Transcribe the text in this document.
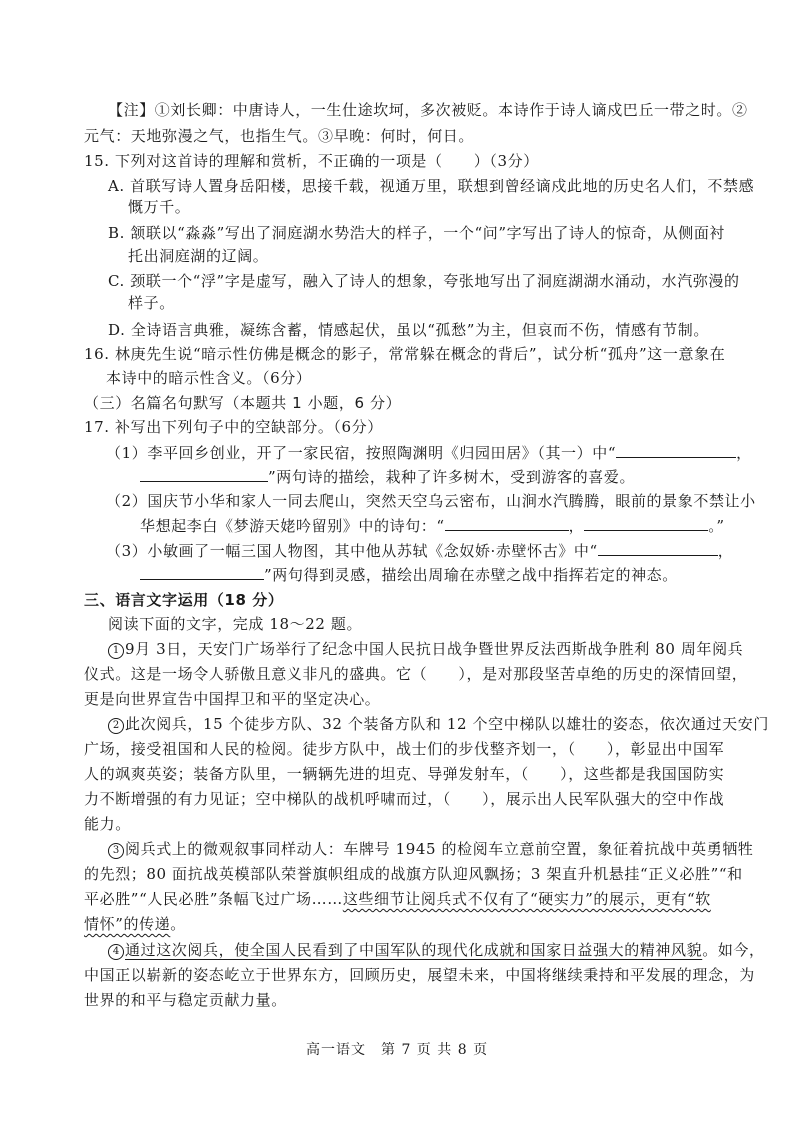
【注】①刘长卿：中唐诗人，一生仕途坎坷，多次被贬。本诗作于诗人谪戍巴丘一带之时。②
元气：天地弥漫之气，也指生气。③早晚：何时，何日。
15. 下列对这首诗的理解和赏析，不正确的一项是（　　）（3分）
A. 首联写诗人置身岳阳楼，思接千载，视通万里，联想到曾经谪戍此地的历史名人们，不禁感
慨万千。
B. 颔联以“淼淼”写出了洞庭湖水势浩大的样子，一个“问”字写出了诗人的惊奇，从侧面衬
托出洞庭湖的辽阔。
C. 颈联一个“浮”字是虚写，融入了诗人的想象，夸张地写出了洞庭湖湖水涌动，水汽弥漫的
样子。
D. 全诗语言典雅，凝练含蓄，情感起伏，虽以“孤愁”为主，但哀而不伤，情感有节制。
16. 林庚先生说“暗示性仿佛是概念的影子，常常躲在概念的背后”，试分析“孤舟”这一意象在
本诗中的暗示性含义。（6分）
（三）名篇名句默写（本题共 1 小题，6 分）
17. 补写出下列句子中的空缺部分。（6分）
（1）李平回乡创业，开了一家民宿，按照陶渊明《归园田居》（其一）中“	，
”两句诗的描绘，栽种了许多树木，受到游客的喜爱。
（2）国庆节小华和家人一同去爬山，突然天空乌云密布，山涧水汽腾腾，眼前的景象不禁让小
华想起李白《梦游天姥吟留别》中的诗句：“	，	。”
（3）小敏画了一幅三国人物图，其中他从苏轼《念奴娇·赤壁怀古》中“	，
”两句得到灵感，描绘出周瑜在赤壁之战中指挥若定的神态。
三、语言文字运用（18 分）
阅读下面的文字，完成 18～22 题。
1 9月 3日，天安门广场举行了纪念中国人民抗日战争暨世界反法西斯战争胜利 80 周年阅兵
仪式。这是一场令人骄傲且意义非凡的盛典。它（　　），是对那段坚苦卓绝的历史的深情回望，
更是向世界宣告中国捍卫和平的坚定决心。
2 此次阅兵，15 个徒步方队、32 个装备方队和 12 个空中梯队以雄壮的姿态，依次通过天安门
广场，接受祖国和人民的检阅。徒步方队中，战士们的步伐整齐划一，（　　），彰显出中国军
人的飒爽英姿；装备方队里，一辆辆先进的坦克、导弹发射车，（　　），这些都是我国国防实
力不断增强的有力见证；空中梯队的战机呼啸而过，（　　），展示出人民军队强大的空中作战
能力。
3 阅兵式上的微观叙事同样动人：车牌号 1945 的检阅车立意前空置，象征着抗战中英勇牺牲
的先烈；80 面抗战英模部队荣誉旗帜组成的战旗方队迎风飘扬；3 架直升机悬挂“正义必胜”“和
平必胜”“人民必胜”条幅飞过广场……这些细节让阅兵式不仅有了“硬实力”的展示，更有“软
情怀”的传递。
4 通过这次阅兵，使全国人民看到了中国军队的现代化成就和国家日益强大的精神风貌。如今，
中国正以崭新的姿态屹立于世界东方，回顾历史，展望未来，中国将继续秉持和平发展的理念，为
世界的和平与稳定贡献力量。
高一语文　第 7 页 共 8 页
